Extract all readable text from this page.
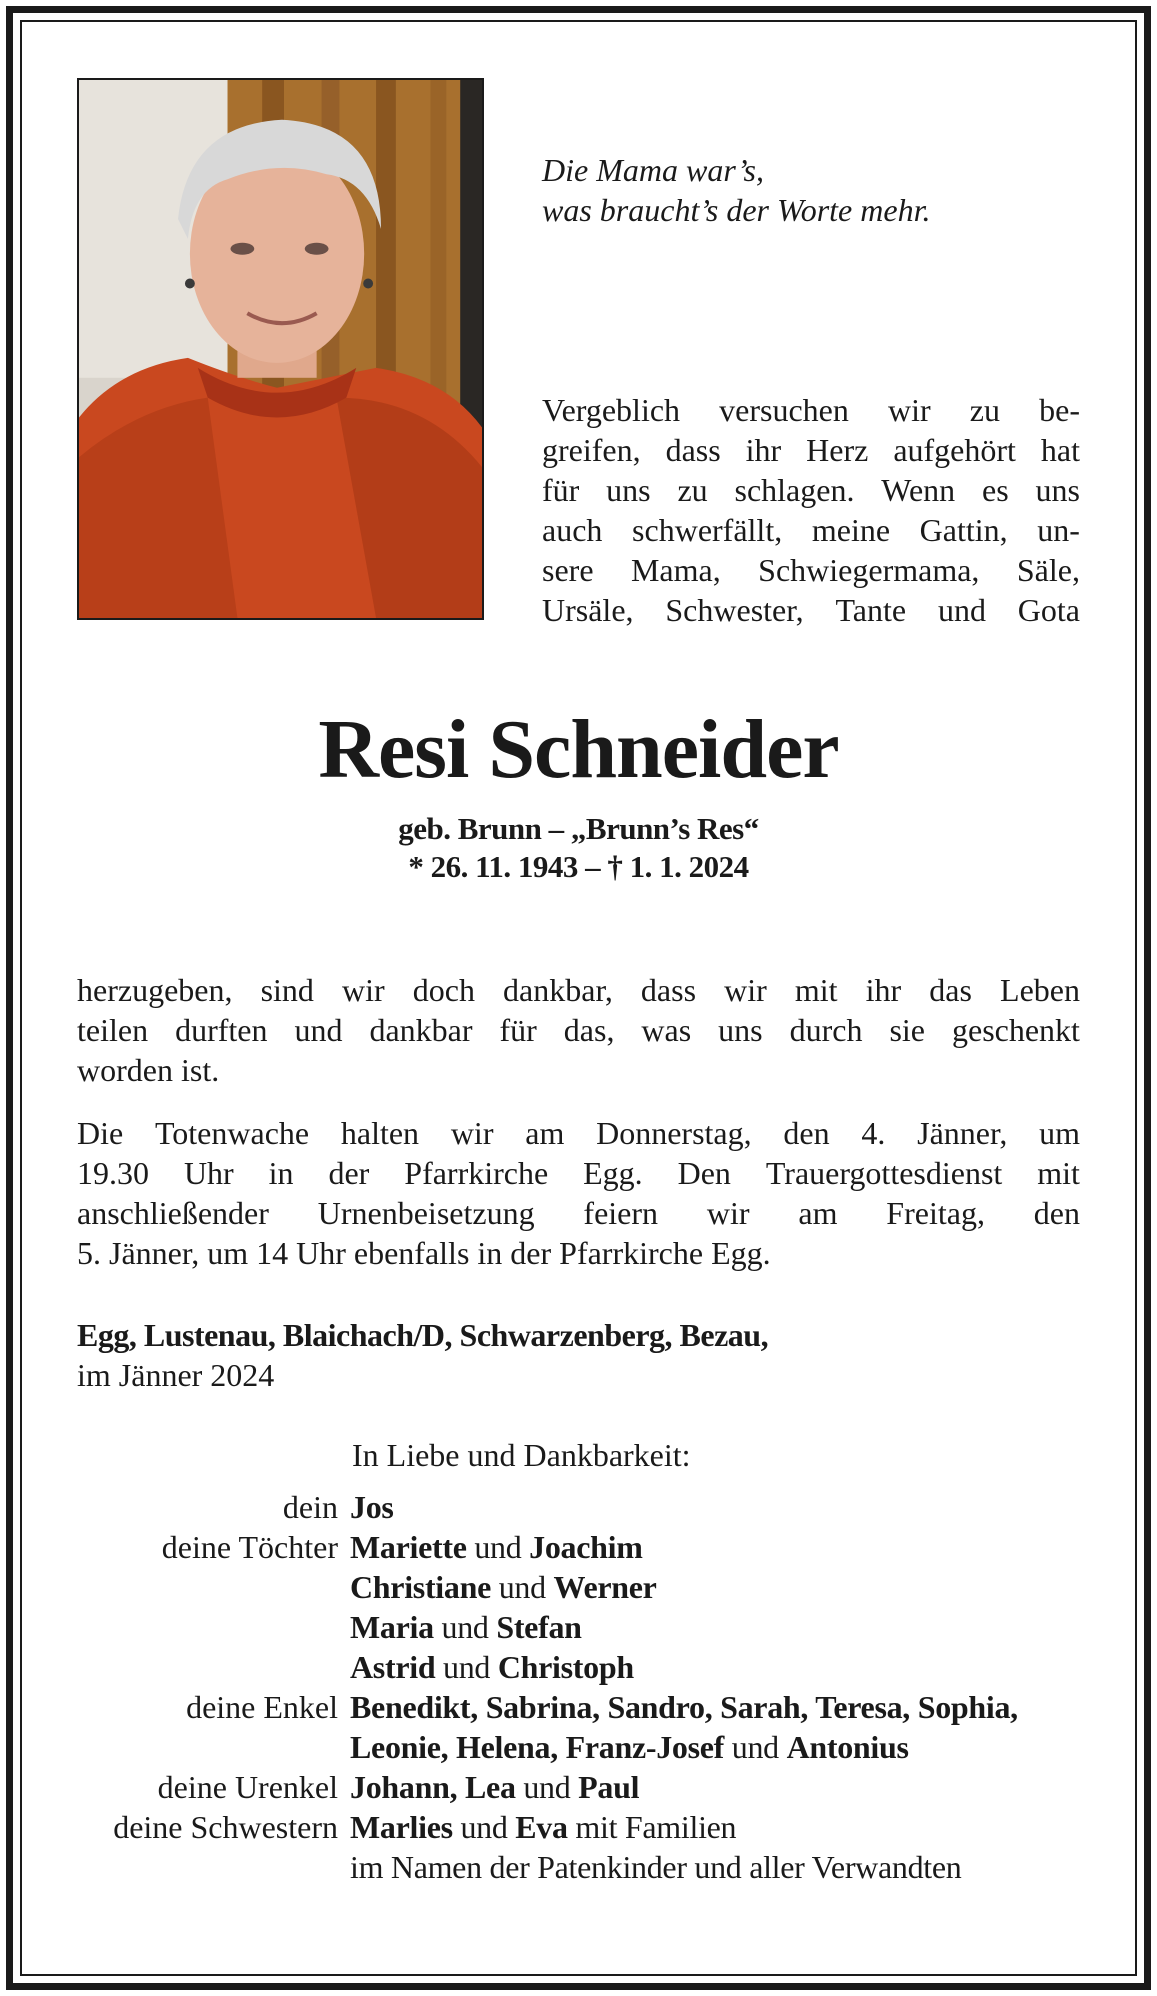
Die Mama war’s,
was braucht’s der Worte mehr.
Vergeblich versuchen wir zu be-
greifen, dass ihr Herz aufgehört hat
für uns zu schlagen. Wenn es uns
auch schwerfällt, meine Gattin, un-
sere Mama, Schwiegermama, Säle,
Ursäle, Schwester, Tante und Gota
Resi Schneider
geb. Brunn – „Brunn’s Res“
* 26. 11. 1943 – † 1. 1. 2024
herzugeben, sind wir doch dankbar, dass wir mit ihr das Leben
teilen durften und dankbar für das, was uns durch sie geschenkt
worden ist.
Die Totenwache halten wir am Donnerstag, den 4. Jänner, um
19.30 Uhr in der Pfarrkirche Egg. Den Trauergottesdienst mit
anschließender Urnenbeisetzung feiern wir am Freitag, den
5. Jänner, um 14 Uhr ebenfalls in der Pfarrkirche Egg.
Egg, Lustenau, Blaichach/D, Schwarzenberg, Bezau,
im Jänner 2024
In Liebe und Dankbarkeit:
dein Jos
deine Töchter Mariette und Joachim
Christiane und Werner
Maria und Stefan
Astrid und Christoph
deine Enkel Benedikt, Sabrina, Sandro, Sarah, Teresa, Sophia,
Leonie, Helena, Franz-Josef und Antonius
deine Urenkel Johann, Lea und Paul
deine Schwestern Marlies und Eva mit Familien
im Namen der Patenkinder und aller Verwandten
